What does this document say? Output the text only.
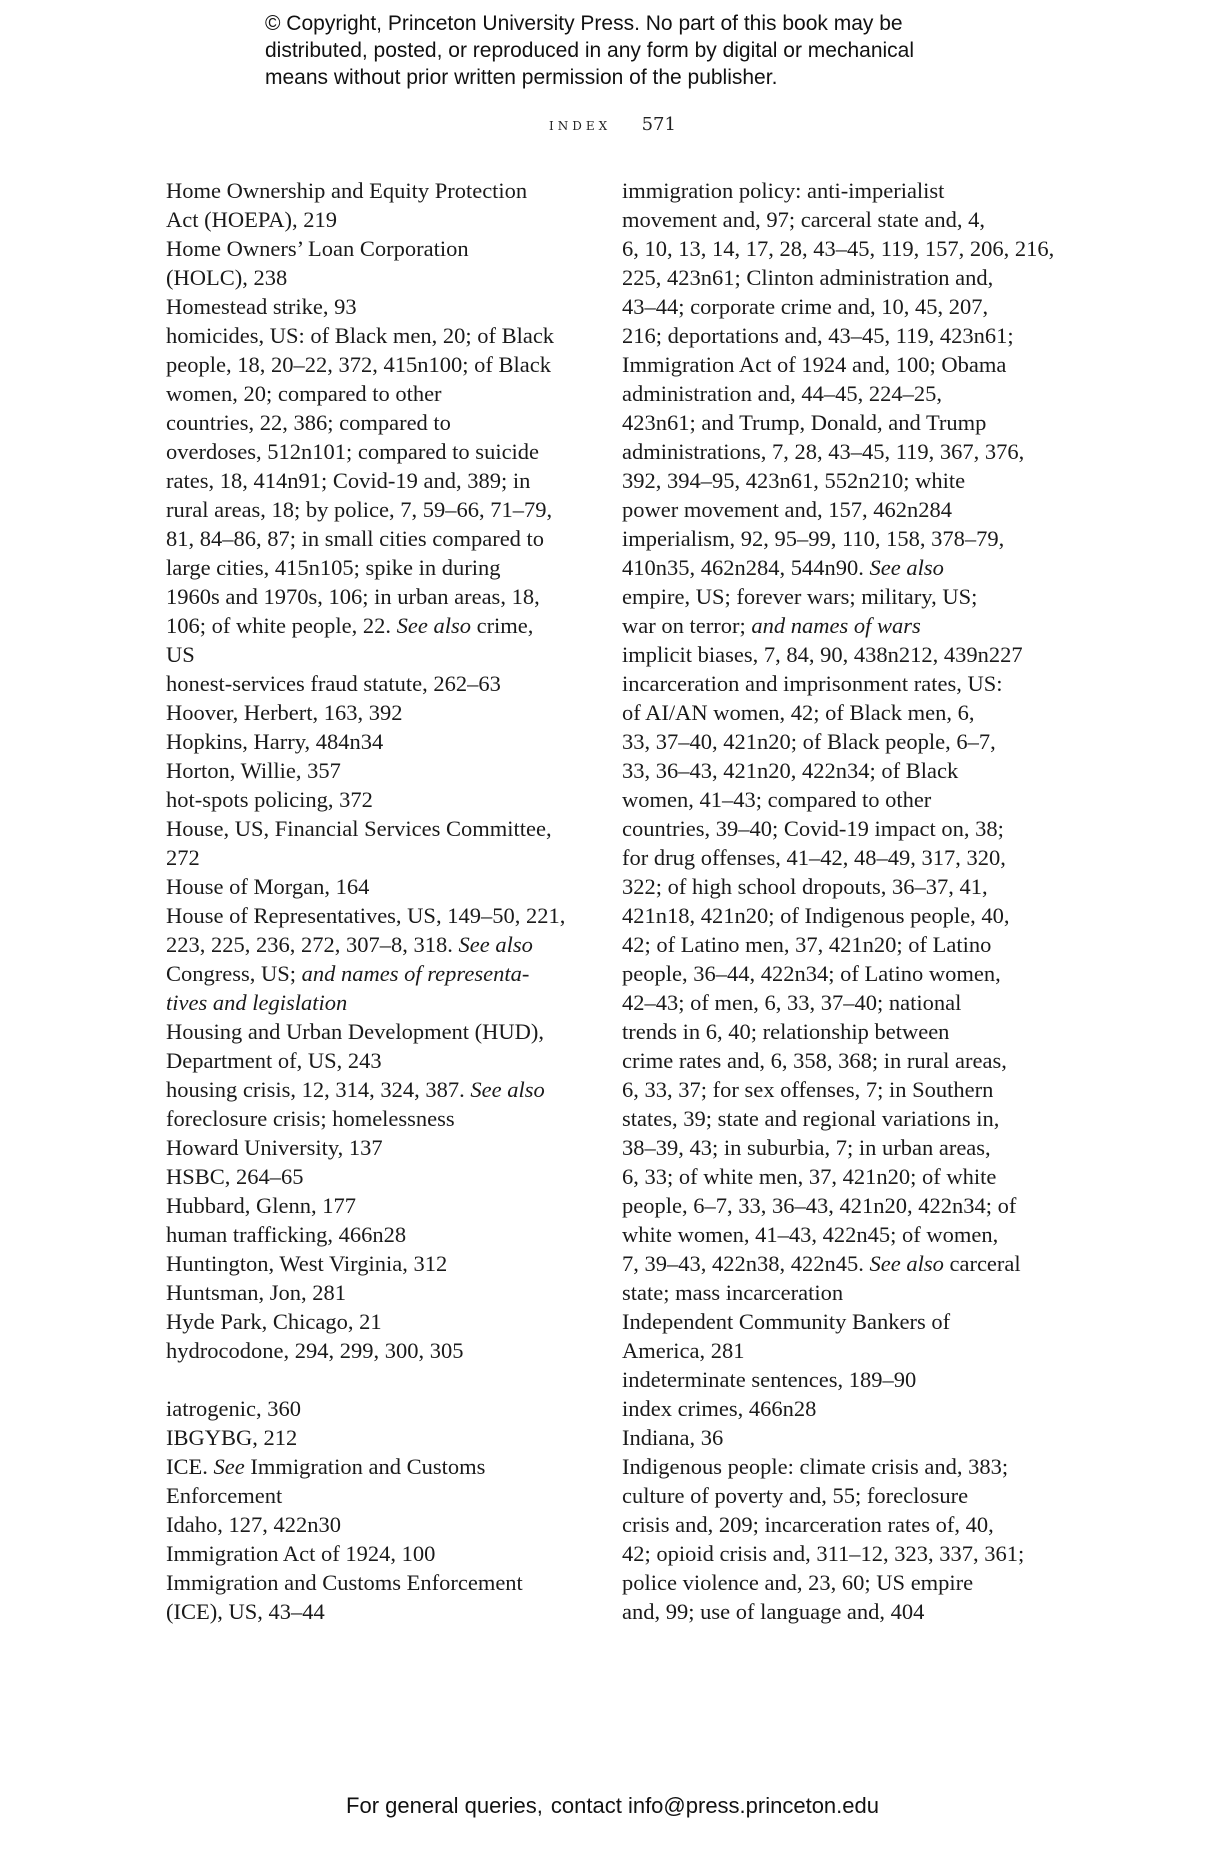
© Copyright, Princeton University Press. No part of this book may be
distributed, posted, or reproduced in any form by digital or mechanical
means without prior written permission of the publisher.
index 571
Home Ownership and Equity Protection
Act (HOEPA), 219
Home Owners’ Loan Corporation
(HOLC), 238
Homestead strike, 93
homicides, US: of Black men, 20; of Black
people, 18, 20–22, 372, 415n100; of Black
women, 20; compared to other
countries, 22, 386; compared to
overdoses, 512n101; compared to suicide
rates, 18, 414n91; Covid-19 and, 389; in
rural areas, 18; by police, 7, 59–66, 71–79,
81, 84–86, 87; in small cities compared to
large cities, 415n105; spike in during
1960s and 1970s, 106; in urban areas, 18,
106; of white people, 22. See also crime,
US
honest-services fraud statute, 262–63
Hoover, Herbert, 163, 392
Hopkins, Harry, 484n34
Horton, Willie, 357
hot-spots policing, 372
House, US, Financial Services Committee,
272
House of Morgan, 164
House of Representatives, US, 149–50, 221,
223, 225, 236, 272, 307–8, 318. See also
Congress, US; and names of representa-
tives and legislation
Housing and Urban Development (HUD),
Department of, US, 243
housing crisis, 12, 314, 324, 387. See also
foreclosure crisis; homelessness
Howard University, 137
HSBC, 264–65
Hubbard, Glenn, 177
human trafficking, 466n28
Huntington, West Virginia, 312
Huntsman, Jon, 281
Hyde Park, Chicago, 21
hydrocodone, 294, 299, 300, 305
iatrogenic, 360
IBGYBG, 212
ICE. See Immigration and Customs
Enforcement
Idaho, 127, 422n30
Immigration Act of 1924, 100
Immigration and Customs Enforcement
(ICE), US, 43–44
immigration policy: anti-imperialist
movement and, 97; carceral state and, 4,
6, 10, 13, 14, 17, 28, 43–45, 119, 157, 206, 216,
225, 423n61; Clinton administration and,
43–44; corporate crime and, 10, 45, 207,
216; deportations and, 43–45, 119, 423n61;
Immigration Act of 1924 and, 100; Obama
administration and, 44–45, 224–25,
423n61; and Trump, Donald, and Trump
administrations, 7, 28, 43–45, 119, 367, 376,
392, 394–95, 423n61, 552n210; white
power movement and, 157, 462n284
imperialism, 92, 95–99, 110, 158, 378–79,
410n35, 462n284, 544n90. See also
empire, US; forever wars; military, US;
war on terror; and names of wars
implicit biases, 7, 84, 90, 438n212, 439n227
incarceration and imprisonment rates, US:
of AI/AN women, 42; of Black men, 6,
33, 37–40, 421n20; of Black people, 6–7,
33, 36–43, 421n20, 422n34; of Black
women, 41–43; compared to other
countries, 39–40; Covid-19 impact on, 38;
for drug offenses, 41–42, 48–49, 317, 320,
322; of high school dropouts, 36–37, 41,
421n18, 421n20; of Indigenous people, 40,
42; of Latino men, 37, 421n20; of Latino
people, 36–44, 422n34; of Latino women,
42–43; of men, 6, 33, 37–40; national
trends in 6, 40; relationship between
crime rates and, 6, 358, 368; in rural areas,
6, 33, 37; for sex offenses, 7; in Southern
states, 39; state and regional variations in,
38–39, 43; in suburbia, 7; in urban areas,
6, 33; of white men, 37, 421n20; of white
people, 6–7, 33, 36–43, 421n20, 422n34; of
white women, 41–43, 422n45; of women,
7, 39–43, 422n38, 422n45. See also carceral
state; mass incarceration
Independent Community Bankers of
America, 281
indeterminate sentences, 189–90
index crimes, 466n28
Indiana, 36
Indigenous people: climate crisis and, 383;
culture of poverty and, 55; foreclosure
crisis and, 209; incarceration rates of, 40,
42; opioid crisis and, 311–12, 323, 337, 361;
police violence and, 23, 60; US empire
and, 99; use of language and, 404
For general queries, contact info@press.princeton.edu
